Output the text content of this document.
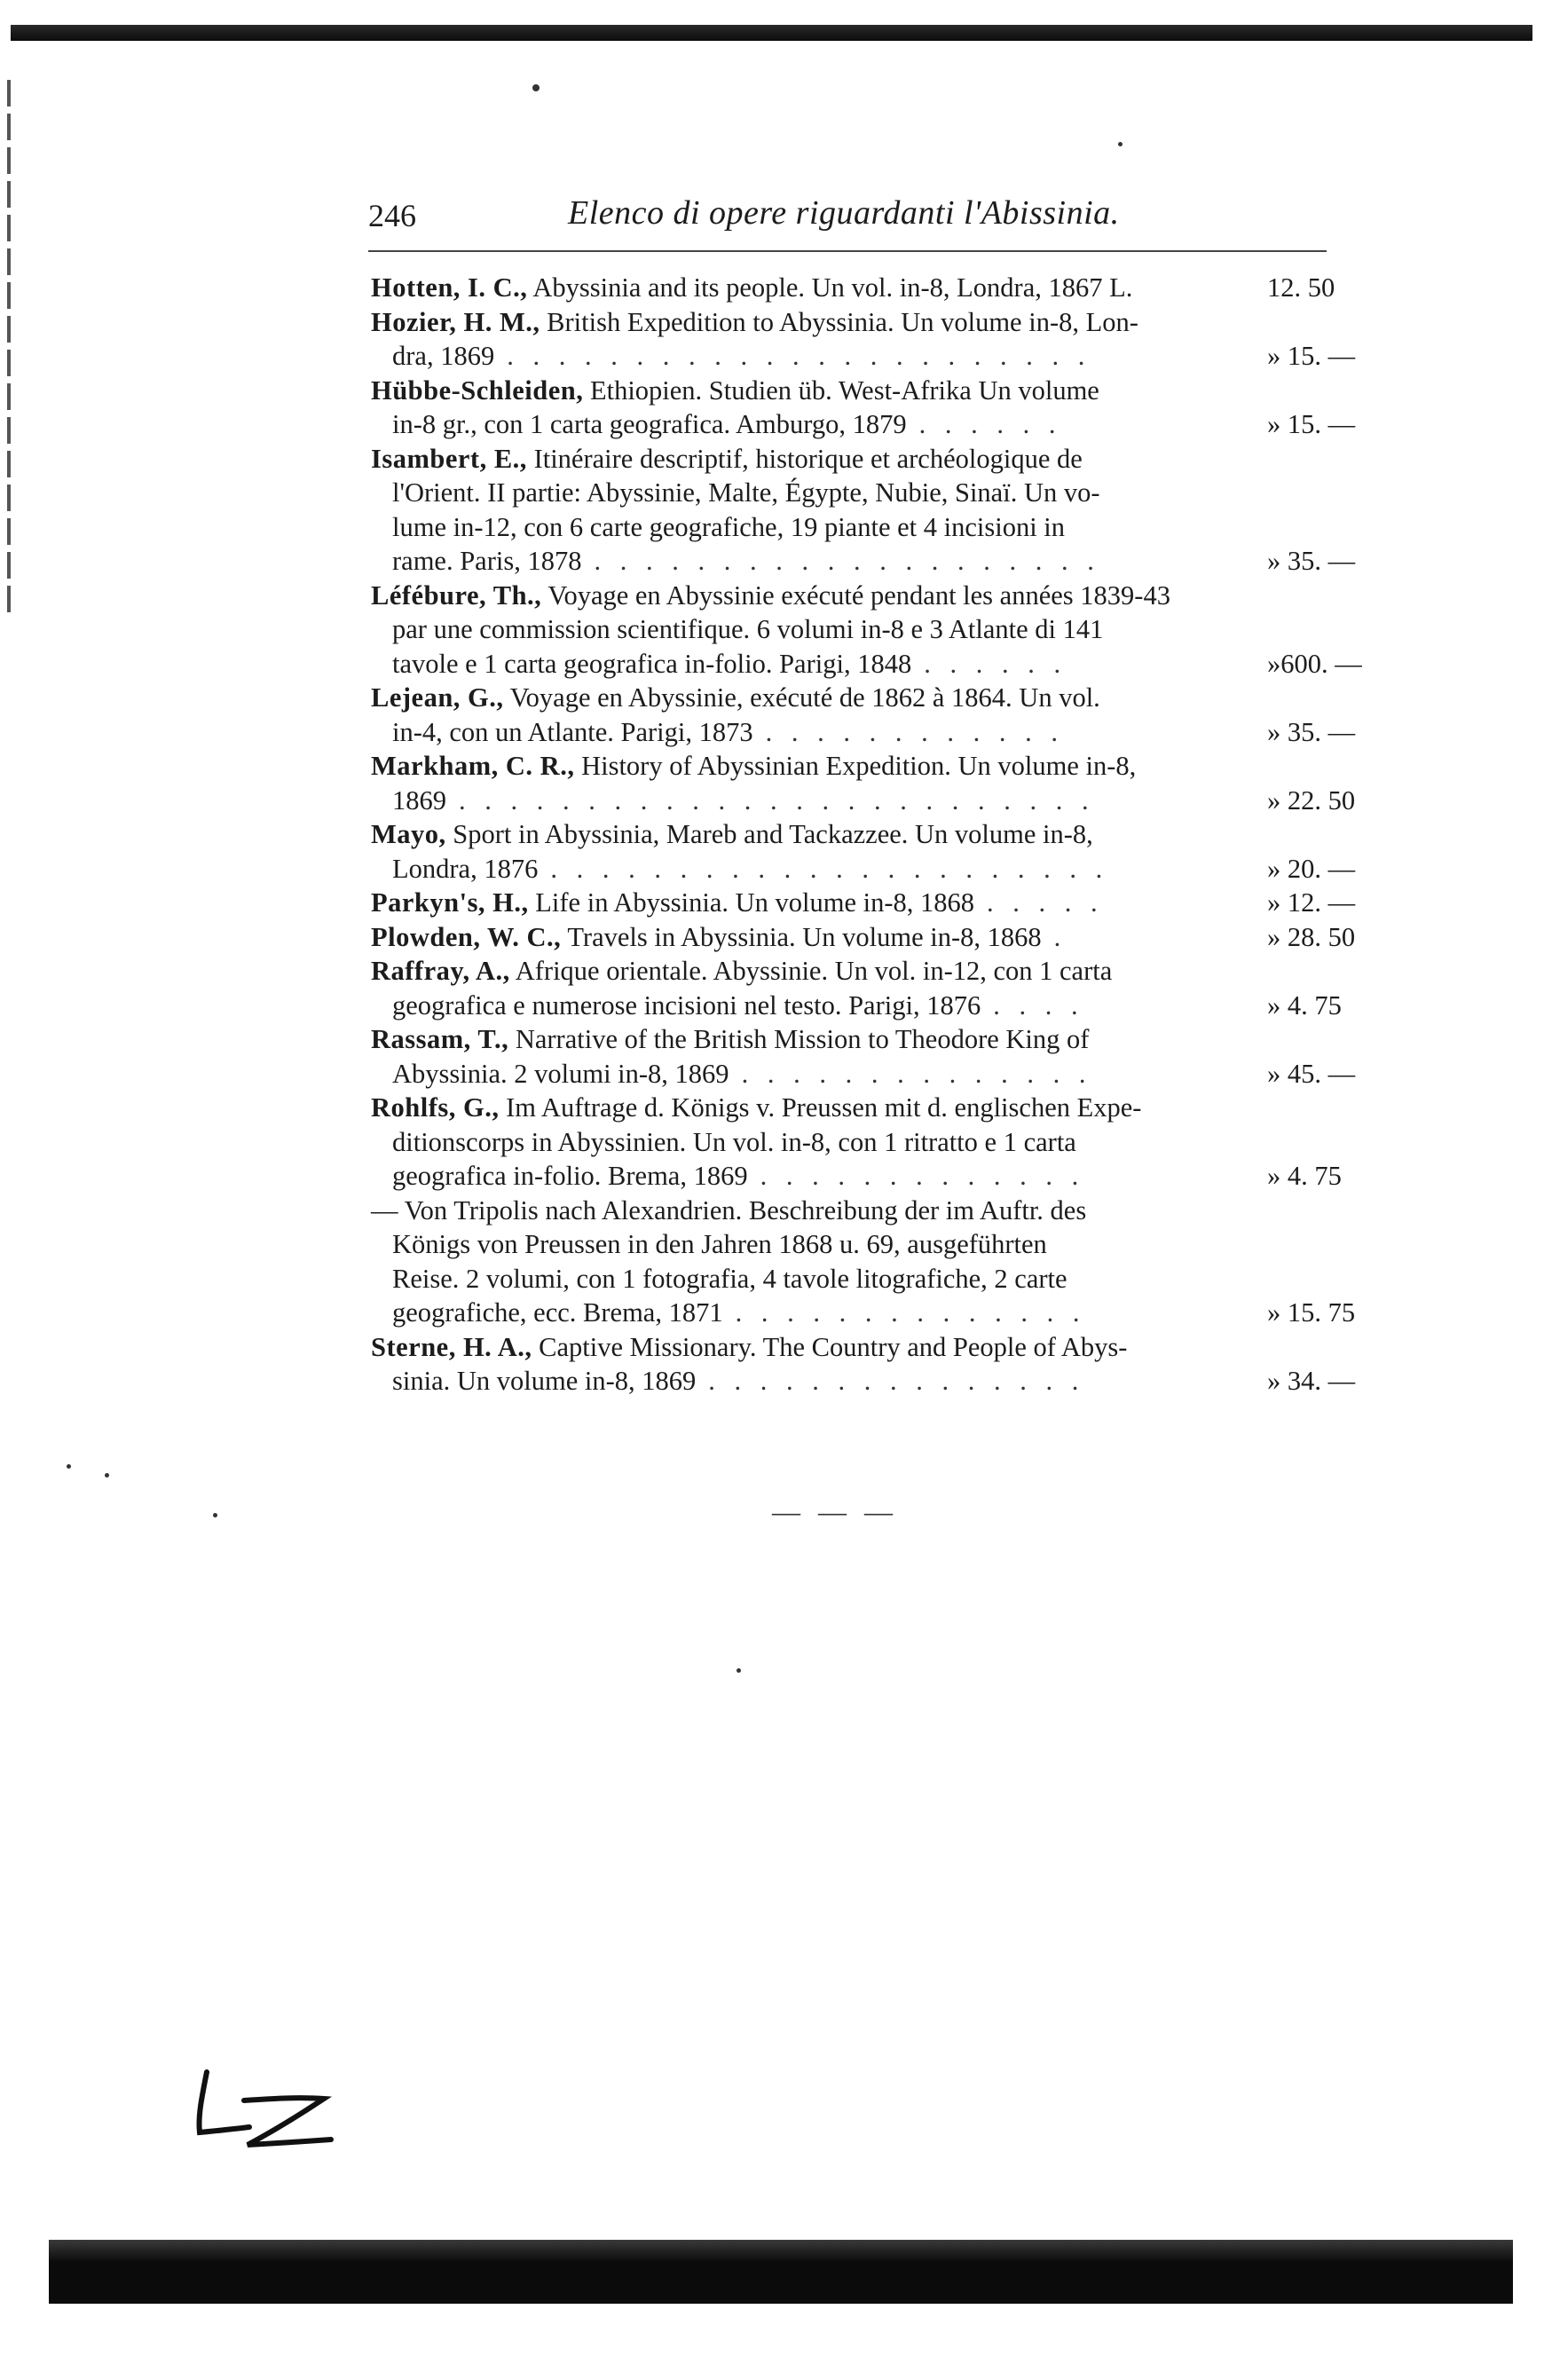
246	Elenco di opere riguardanti l'Abissinia.
Hotten, I. C., Abyssinia and its people. Un vol. in-8, Londra, 1867 L.	12. 50
Hozier, H. M., British Expedition to Abyssinia. Un volume in-8, Lon-
dra, 1869 . . . . . . . . . . . . . . . . . . . . . . .	» 15. —
Hübbe-Schleiden, Ethiopien. Studien üb. West-Afrika Un volume
in-8 gr., con 1 carta geografica. Amburgo, 1879 . . . . . .	» 15. —
Isambert, E., Itinéraire descriptif, historique et archéologique de
l'Orient. II partie: Abyssinie, Malte, Égypte, Nubie, Sinaï. Un vo-
lume in-12, con 6 carte geografiche, 19 piante et 4 incisioni in
rame. Paris, 1878 . . . . . . . . . . . . . . . . . . . .	» 35. —
Léfébure, Th., Voyage en Abyssinie exécuté pendant les années 1839-43
par une commission scientifique. 6 volumi in-8 e 3 Atlante di 141
tavole e 1 carta geografica in-folio. Parigi, 1848 . . . . . .	»600. —
Lejean, G., Voyage en Abyssinie, exécuté de 1862 à 1864. Un vol.
in-4, con un Atlante. Parigi, 1873 . . . . . . . . . . . .	» 35. —
Markham, C. R., History of Abyssinian Expedition. Un volume in-8,
1869 . . . . . . . . . . . . . . . . . . . . . . . . .	» 22. 50
Mayo, Sport in Abyssinia, Mareb and Tackazzee. Un volume in-8,
Londra, 1876 . . . . . . . . . . . . . . . . . . . . . .	» 20. —
Parkyn's, H., Life in Abyssinia. Un volume in-8, 1868 . . . . .	» 12. —
Plowden, W. C., Travels in Abyssinia. Un volume in-8, 1868 .	» 28. 50
Raffray, A., Afrique orientale. Abyssinie. Un vol. in-12, con 1 carta
geografica e numerose incisioni nel testo. Parigi, 1876 . . . .	» 4. 75
Rassam, T., Narrative of the British Mission to Theodore King of
Abyssinia. 2 volumi in-8, 1869 . . . . . . . . . . . . . .	» 45. —
Rohlfs, G., Im Auftrage d. Königs v. Preussen mit d. englischen Expe-
ditionscorps in Abyssinien. Un vol. in-8, con 1 ritratto e 1 carta
geografica in-folio. Brema, 1869 . . . . . . . . . . . . .	» 4. 75
— Von Tripolis nach Alexandrien. Beschreibung der im Auftr. des
Königs von Preussen in den Jahren 1868 u. 69, ausgeführten
Reise. 2 volumi, con 1 fotografia, 4 tavole litografiche, 2 carte
geografiche, ecc. Brema, 1871 . . . . . . . . . . . . . .	» 15. 75
Sterne, H. A., Captive Missionary. The Country and People of Abys-
sinia. Un volume in-8, 1869 . . . . . . . . . . . . . . .	» 34. —
— — —
